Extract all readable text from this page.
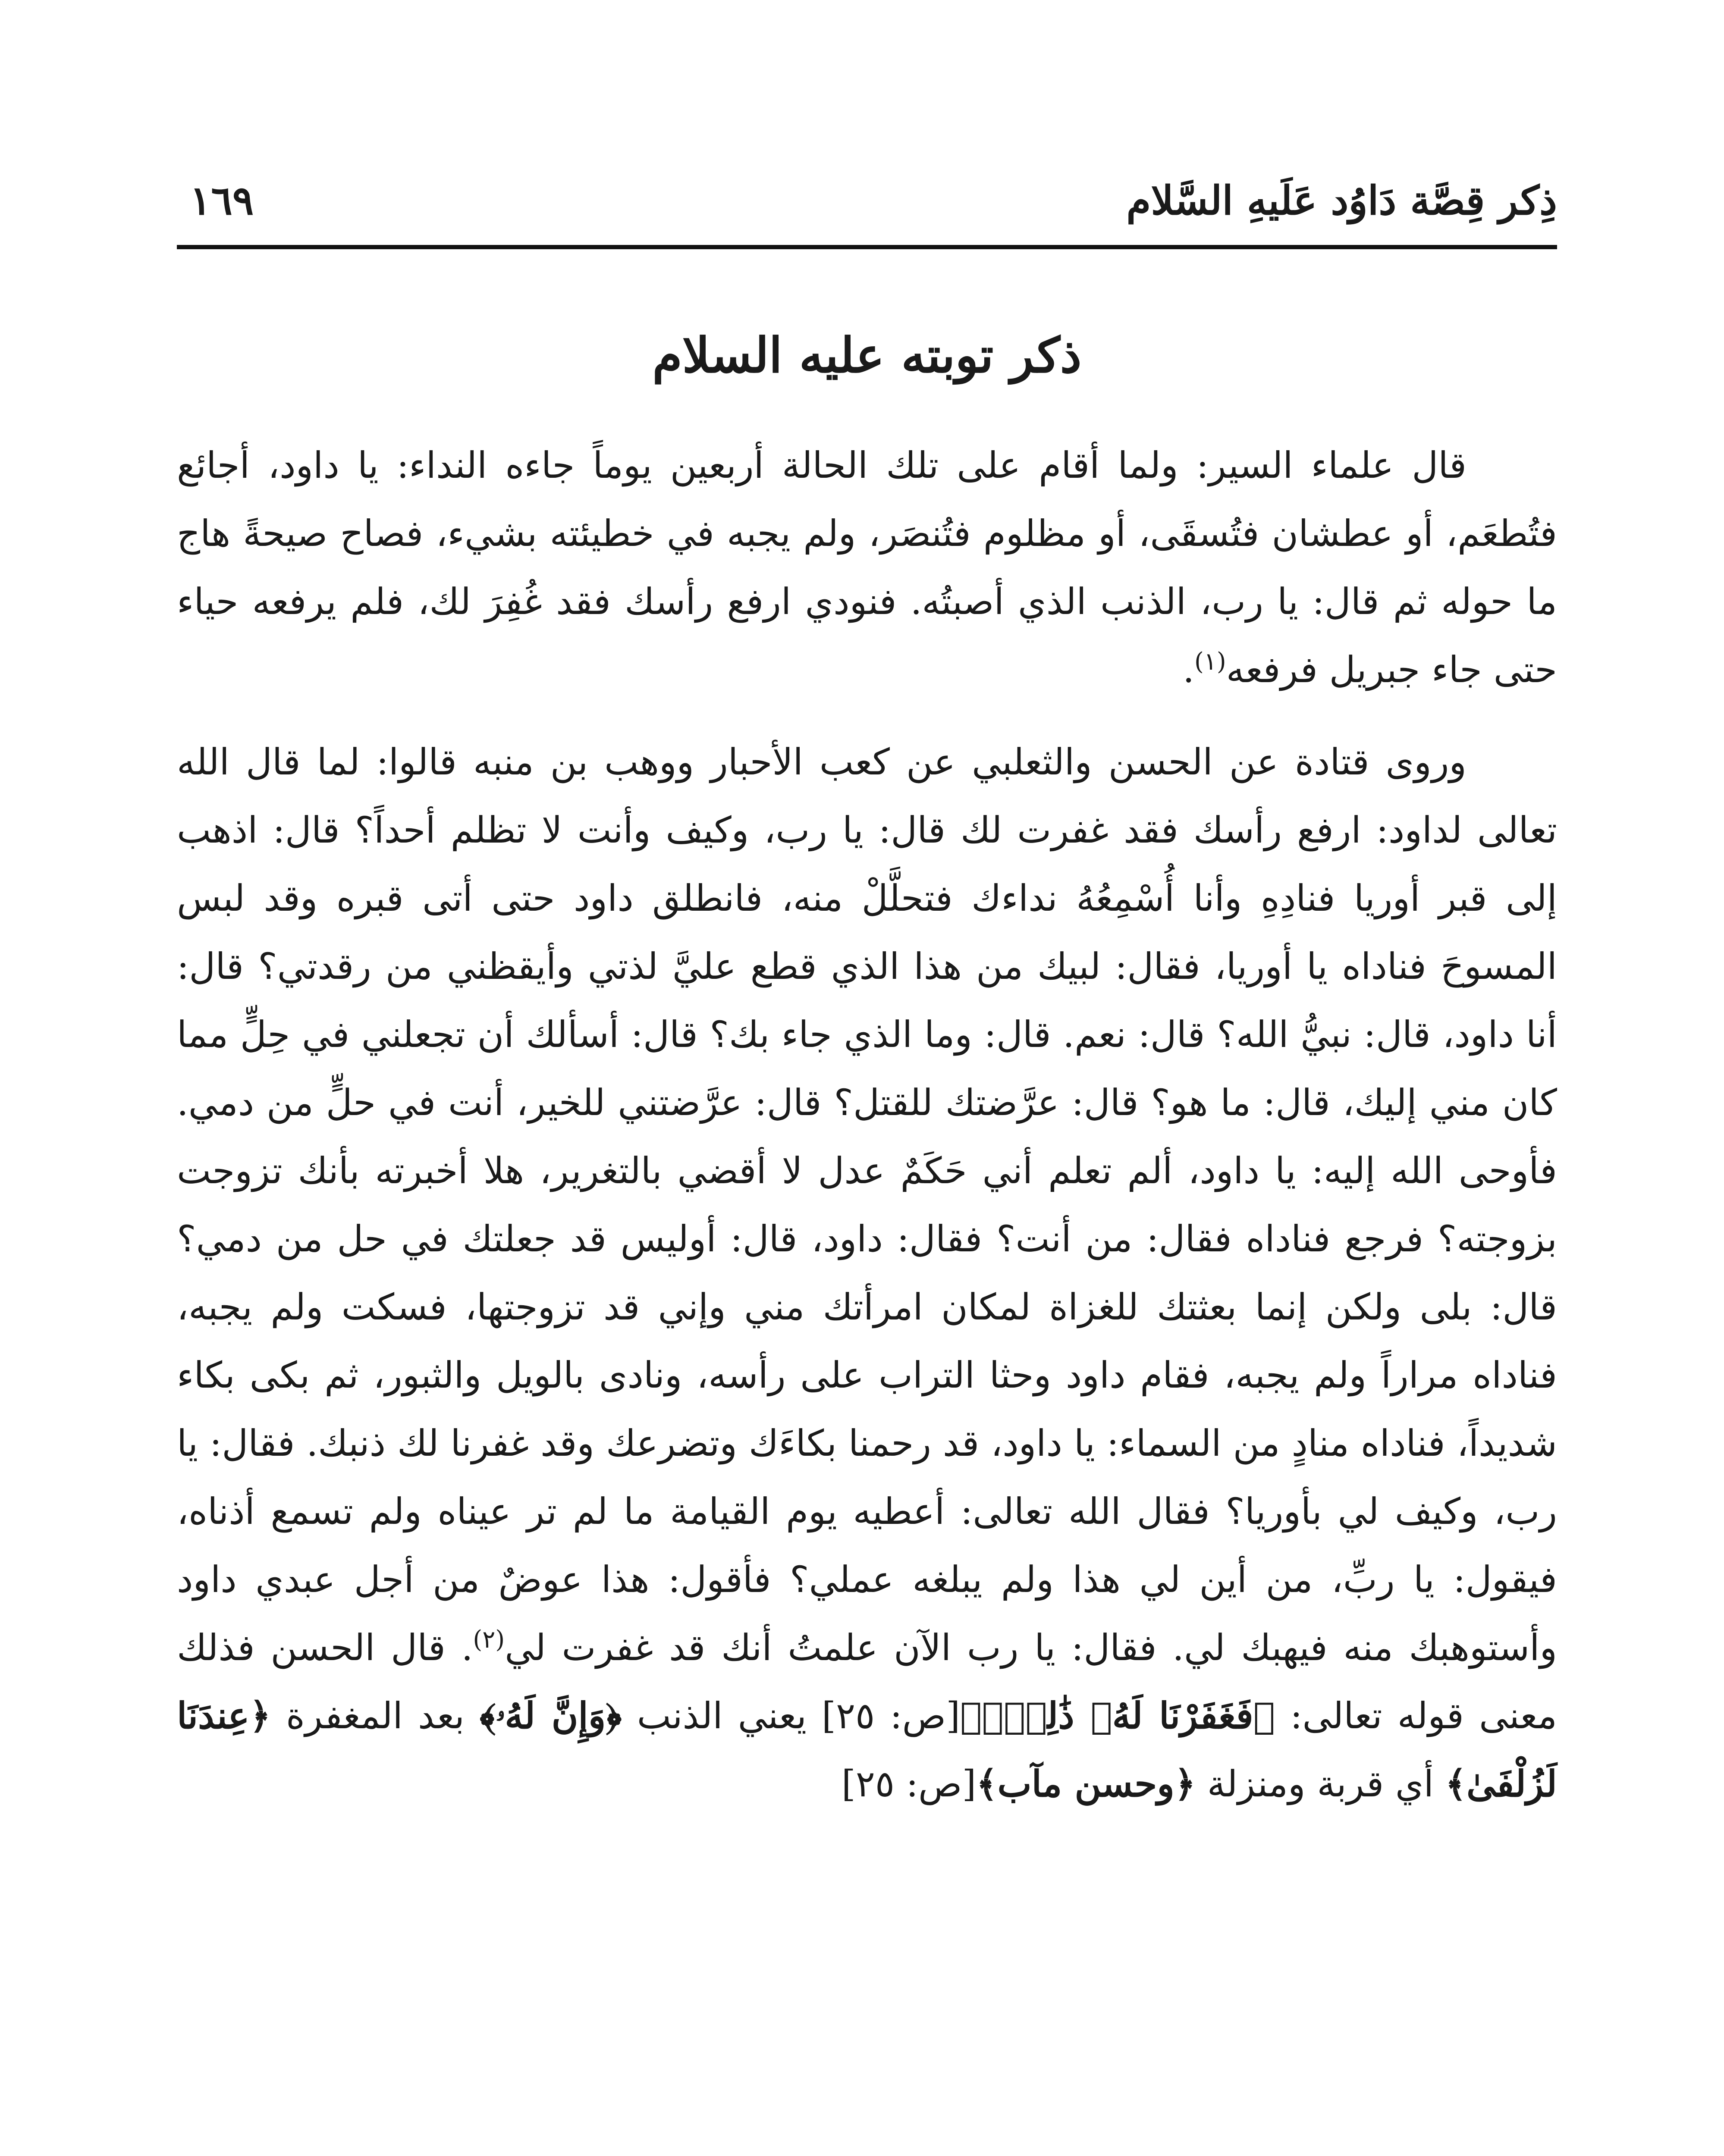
ذِكر قِصَّة دَاوُد عَلَيهِ السَّلام
١٦٩
ذكر توبته عليه السلام

قال علماء السير: ولما أقام على تلك الحالة أربعين يوماً جاءه النداء: يا داود، أجائع فتُطعَم، أو عطشان فتُسقَى، أو مظلوم فتُنصَر، ولم يجبه في خطيئته بشيء، فصاح صيحةً هاج ما حوله ثم قال: يا رب، الذنب الذي أصبتُه. فنودي ارفع رأسك فقد غُفِرَ لك، فلم يرفعه حياء حتى جاء جبريل فرفعه$^{(١)}$.

وروى قتادة عن الحسن والثعلبي عن كعب الأحبار ووهب بن منبه قالوا: لما قال الله تعالى لداود: ارفع رأسك فقد غفرت لك قال: يا رب، وكيف وأنت لا تظلم أحداً؟ قال: اذهب إلى قبر أوريا فنادِهِ وأنا أُسْمِعُهُ نداءك فتحلَّلْ منه، فانطلق داود حتى أتى قبره وقد لبس المسوحَ فناداه يا أوريا، فقال: لبيك من هذا الذي قطع عليَّ لذتي وأيقظني من رقدتي؟ قال: أنا داود، قال: نبيُّ الله؟ قال: نعم. قال: وما الذي جاء بك؟ قال: أسألك أن تجعلني في حِلٍّ مما كان مني إليك، قال: ما هو؟ قال: عرَّضتك للقتل؟ قال: عرَّضتني للخير، أنت في حلٍّ من دمي. فأوحى الله إليه: يا داود، ألم تعلم أني حَكَمٌ عدل لا أقضي بالتغرير، هلا أخبرته بأنك تزوجت بزوجته؟ فرجع فناداه فقال: من أنت؟ فقال: داود، قال: أوليس قد جعلتك في حل من دمي؟ قال: بلى ولكن إنما بعثتك للغزاة لمكان امرأتك مني وإني قد تزوجتها، فسكت ولم يجبه، فناداه مراراً ولم يجبه، فقام داود وحثا التراب على رأسه، ونادى بالويل والثبور، ثم بكى بكاء شديداً، فناداه منادٍ من السماء: يا داود، قد رحمنا بكاءَك وتضرعك وقد غفرنا لك ذنبك. فقال: يا رب، وكيف لي بأوريا؟ فقال الله تعالى: أعطيه يوم القيامة ما لم تر عيناه ولم تسمع أذناه، فيقول: يا ربِّ، من أين لي هذا ولم يبلغه عملي؟ فأقول: هذا عوضٌ من أجل عبدي داود وأستوهبك منه فيهبك لي. فقال: يا رب الآن علمتُ أنك قد غفرت لي$^{(٢)}$. قال الحسن فذلك معنى قوله تعالى: ﴿فَغَفَرْنَا لَهُۥ ذَٰلِكَۖ﴾[ص: ٢٥] يعني الذنب ﴿وَإِنَّ لَهُۥ﴾ بعد المغفرة ﴿عِندَنَا لَزُلْفَىٰ﴾ أي قربة ومنزلة ﴿وحسن مآب﴾[ص: ٢٥]
